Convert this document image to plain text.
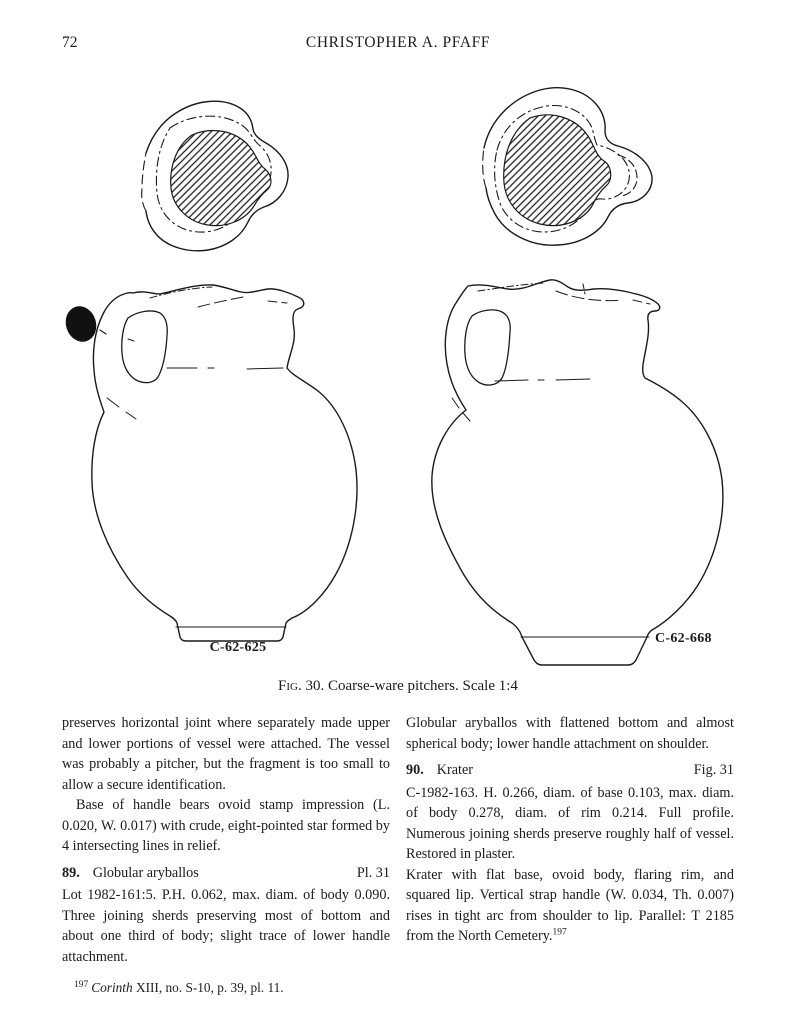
72	CHRISTOPHER A. PFAFF
C-62-625
C-62-668
Fig. 30. Coarse-ware pitchers. Scale 1:4

preserves horizontal joint where separately made upper and lower portions of vessel were attached. The vessel was probably a pitcher, but the fragment is too small to allow a secure identification.

Base of handle bears ovoid stamp impression (L. 0.020, W. 0.017) with crude, eight-pointed star formed by 4 intersecting lines in relief.

89. Globular aryballos	Pl. 31

Lot 1982-161:5. P.H. 0.062, max. diam. of body 0.090. Three joining sherds preserving most of bottom and about one third of body; slight trace of lower handle attachment.

$^{197}$ Corinth XIII, no. S-10, p. 39, pl. 11.

Globular aryballos with flattened bottom and almost spherical body; lower handle attachment on shoulder.

90. Krater	Fig. 31

C-1982-163. H. 0.266, diam. of base 0.103, max. diam. of body 0.278, diam. of rim 0.214. Full profile. Numerous joining sherds preserve roughly half of vessel. Restored in plaster.

Krater with flat base, ovoid body, flaring rim, and squared lip. Vertical strap handle (W. 0.034, Th. 0.007) rises in tight arc from shoulder to lip. Parallel: T 2185 from the North Cemetery.$^{197}$
